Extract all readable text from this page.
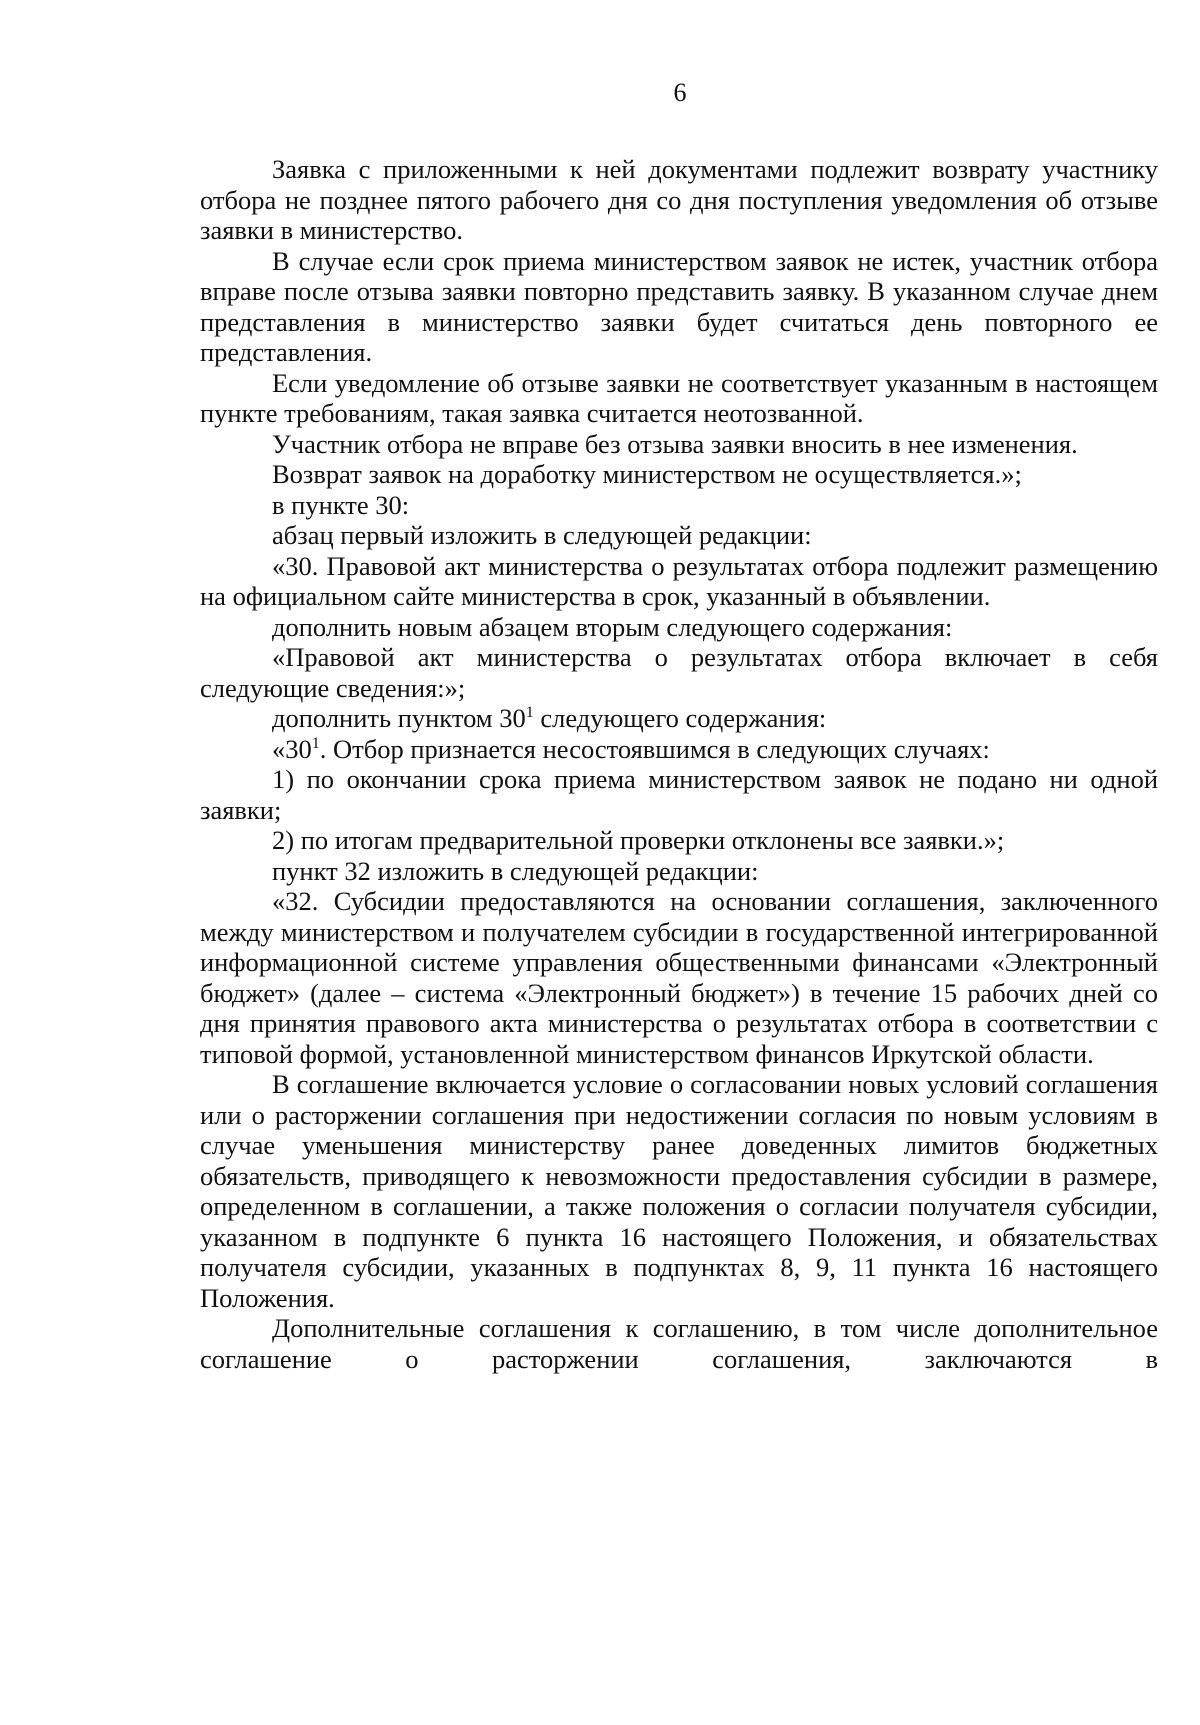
6

Заявка с приложенными к ней документами подлежит возврату участнику отбора не позднее пятого рабочего дня со дня поступления уведомления об отзыве заявки в министерство.

В случае если срок приема министерством заявок не истек, участник отбора вправе после отзыва заявки повторно представить заявку. В указанном случае днем представления в министерство заявки будет считаться день повторного ее представления.

Если уведомление об отзыве заявки не соответствует указанным в настоящем пункте требованиям, такая заявка считается неотозванной.

Участник отбора не вправе без отзыва заявки вносить в нее изменения.

Возврат заявок на доработку министерством не осуществляется.»;

в пункте 30:

абзац первый изложить в следующей редакции:

«30. Правовой акт министерства о результатах отбора подлежит размещению на официальном сайте министерства в срок, указанный в объявлении.

дополнить новым абзацем вторым следующего содержания:

«Правовой акт министерства о результатах отбора включает в себя следующие сведения:»;

дополнить пунктом $30^1$ следующего содержания:

«$30^1$. Отбор признается несостоявшимся в следующих случаях:

1) по окончании срока приема министерством заявок не подано ни одной заявки;

2) по итогам предварительной проверки отклонены все заявки.»;

пункт 32 изложить в следующей редакции:

«32. Субсидии предоставляются на основании соглашения, заключенного между министерством и получателем субсидии в государственной интегрированной информационной системе управления общественными финансами «Электронный бюджет» (далее – система «Электронный бюджет») в течение 15 рабочих дней со дня принятия правового акта министерства о результатах отбора в соответствии с типовой формой, установленной министерством финансов Иркутской области.

В соглашение включается условие о согласовании новых условий соглашения или о расторжении соглашения при недостижении согласия по новым условиям в случае уменьшения министерству ранее доведенных лимитов бюджетных обязательств, приводящего к невозможности предоставления субсидии в размере, определенном в соглашении, а также положения о согласии получателя субсидии, указанном в подпункте 6 пункта 16 настоящего Положения, и обязательствах получателя субсидии, указанных в подпунктах 8, 9, 11 пункта 16 настоящего Положения.

Дополнительные соглашения к соглашению, в том числе дополнительное соглашение о расторжении соглашения, заключаются в
